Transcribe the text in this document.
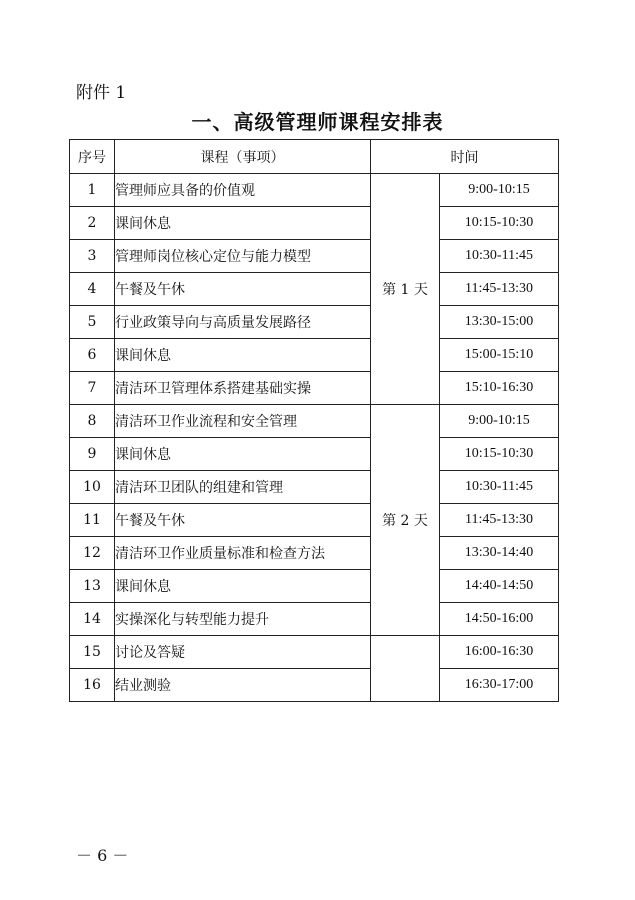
附件 1
一、高级管理师课程安排表
序号	课程（事项）	时间	
1	管理师应具备的价值观	第 1 天	9:00-10:15
2	课间休息		10:15-10:30
3	管理师岗位核心定位与能力模型		10:30-11:45
4	午餐及午休		11:45-13:30
5	行业政策导向与高质量发展路径		13:30-15:00
6	课间休息		15:00-15:10
7	清洁环卫管理体系搭建基础实操		15:10-16:30
8	清洁环卫作业流程和安全管理	第 2 天	9:00-10:15
9	课间休息		10:15-10:30
10	清洁环卫团队的组建和管理		10:30-11:45
11	午餐及午休		11:45-13:30
12	清洁环卫作业质量标准和检查方法		13:30-14:40
13	课间休息		14:40-14:50
14	实操深化与转型能力提升		14:50-16:00
15	讨论及答疑		16:00-16:30
16	结业测验		16:30-17:00
－ 6 －
